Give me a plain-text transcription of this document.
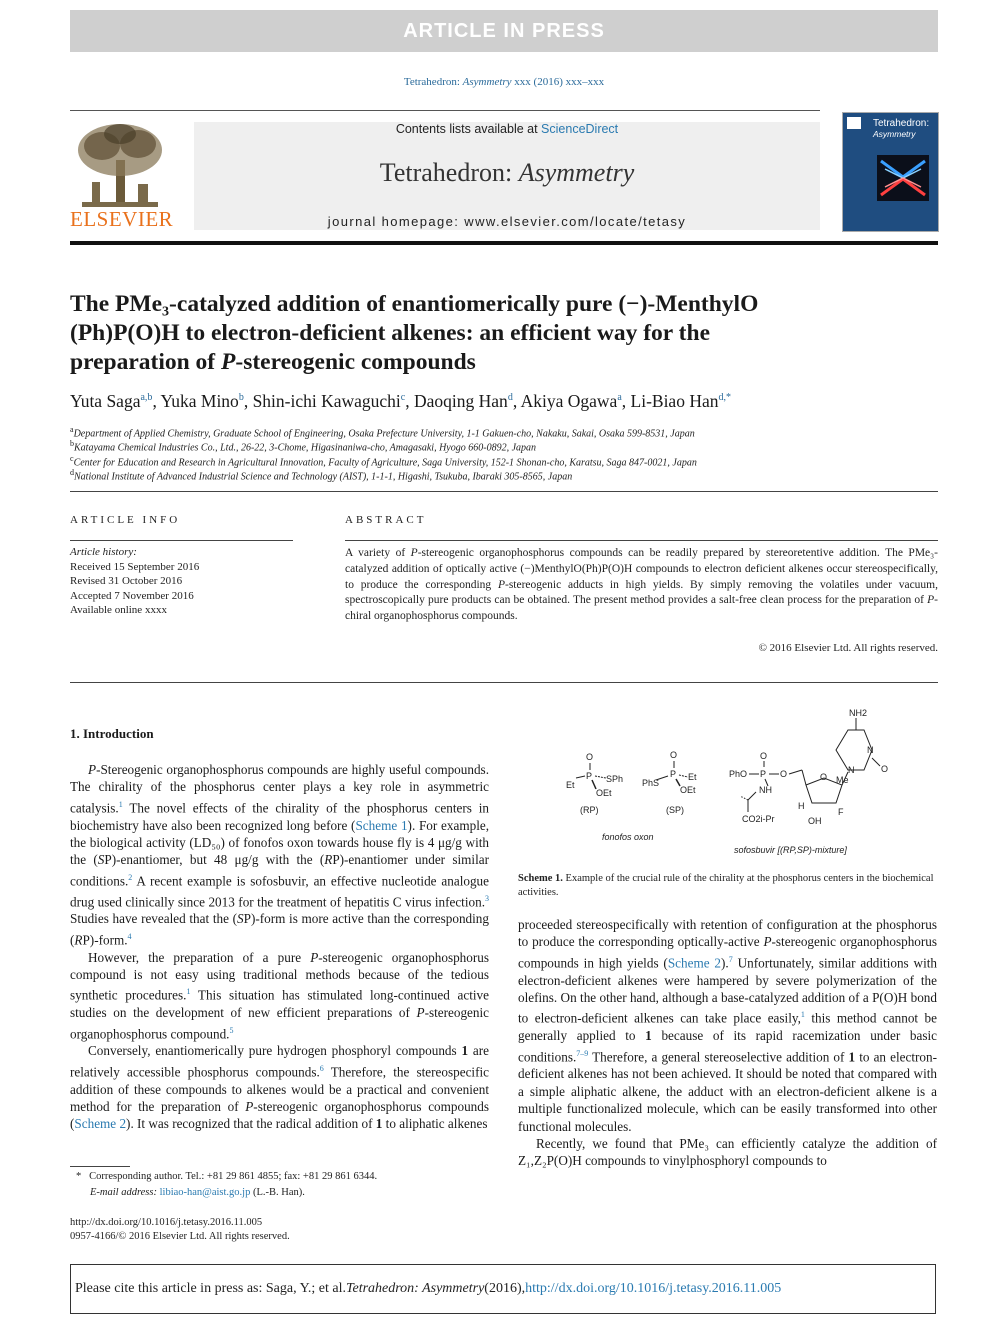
ARTICLE IN PRESS
Tetrahedron: Asymmetry xxx (2016) xxx–xxx
ELSEVIER
Contents lists available at ScienceDirect
Tetrahedron: Asymmetry
journal homepage: www.elsevier.com/locate/tetasy
Tetrahedron:
Asymmetry
The PMe₃-catalyzed addition of enantiomerically pure (−)-MenthylO
(Ph)P(O)H to electron-deficient alkenes: an efficient way for the
preparation of P-stereogenic compounds
Yuta Saga$^{a,b}$, Yuka Mino$^b$, Shin-ichi Kawaguchi$^c$, Daoqing Han$^d$, Akiya Ogawa$^a$, Li-Biao Han$^{d,*}$
$^a$Department of Applied Chemistry, Graduate School of Engineering, Osaka Prefecture University, 1-1 Gakuen-cho, Nakaku, Sakai, Osaka 599-8531, Japan
$^b$Katayama Chemical Industries Co., Ltd., 26-22, 3-Chome, Higasinaniwa-cho, Amagasaki, Hyogo 660-0892, Japan
$^c$Center for Education and Research in Agricultural Innovation, Faculty of Agriculture, Saga University, 152-1 Shonan-cho, Karatsu, Saga 847-0021, Japan
$^d$National Institute of Advanced Industrial Science and Technology (AIST), 1-1-1, Higashi, Tsukuba, Ibaraki 305-8565, Japan
ARTICLE INFO
Article history:
Received 15 September 2016
Revised 31 October 2016
Accepted 7 November 2016
Available online xxxx
ABSTRACT
A variety of P-stereogenic organophosphorus compounds can be readily prepared by stereoretentive addition. The PMe₃-catalyzed addition of optically active (−)MenthylO(Ph)P(O)H compounds to electron deficient alkenes occur stereospecifically, to produce the corresponding P-stereogenic adducts in high yields. By simply removing the volatiles under vacuum, spectroscopically pure products can be obtained. The present method provides a salt-free clean process for the preparation of P-chiral organophosphorus compounds.
© 2016 Elsevier Ltd. All rights reserved.
1. Introduction

P-Stereogenic organophosphorus compounds are highly useful compounds. The chirality of the phosphorus center plays a key role in asymmetric catalysis.$^1$ The novel effects of the chirality of the phosphorus centers in biochemistry have also been recognized long before (Scheme 1). For example, the biological activity (LD₅₀) of fonofos oxon towards house fly is 4 μg/g with the (SP)-enantiomer, but 48 μg/g with the (RP)-enantiomer under similar conditions.$^2$ A recent example is sofosbuvir, an effective nucleotide analogue drug used clinically since 2013 for the treatment of hepatitis C virus infection.$^3$ Studies have revealed that the (SP)-form is more active than the corresponding (RP)-form.$^4$

However, the preparation of a pure P-stereogenic organophosphorus compound is not easy using traditional methods because of the tedious synthetic procedures.$^1$ This situation has stimulated long-continued active studies on the development of new efficient preparations of P-stereogenic organophosphorus compound.$^5$

Conversely, enantiomerically pure hydrogen phosphoryl compounds 1 are relatively accessible phosphorus compounds.$^6$ Therefore, the stereospecific addition of these compounds to alkenes would be a practical and convenient method for the preparation of P-stereogenic organophosphorus compounds (Scheme 2). It was recognized that the radical addition of 1 to aliphatic alkenes

O
P
Et
SPh
OEt
(RP)
O
P
PhS
Et
OEt
(SP)
fonofos oxon
PhO
O
P O
NH
CO2i-Pr
O Me
H
OH
F
N
N
O
NH2
sofosbuvir [(RP,SP)-mixture]
Scheme 1. Example of the crucial rule of the chirality at the phosphorus centers in the biochemical activities.

proceeded stereospecifically with retention of configuration at the phosphorus to produce the corresponding optically-active P-stereogenic organophosphorus compounds in high yields (Scheme 2).$^7$ Unfortunately, similar additions with electron-deficient alkenes were hampered by severe polymerization of the olefins. On the other hand, although a base-catalyzed addition of a P(O)H bond to electron-deficient alkenes can take place easily,$^1$ this method cannot be generally applied to 1 because of its rapid racemization under basic conditions.$^{7-9}$ Therefore, a general stereoselective addition of 1 to an electron-deficient alkenes has not been achieved. It should be noted that compared with a simple aliphatic alkene, the adduct with an electron-deficient alkene is a multiple functionalized molecule, which can be easily transformed into other functional molecules.

Recently, we found that PMe₃ can efficiently catalyze the addition of Z₁,Z₂P(O)H compounds to vinylphosphoryl compounds to

* Corresponding author. Tel.: +81 29 861 4855; fax: +81 29 861 6344.
E-mail address: libiao-han@aist.go.jp (L.-B. Han).
http://dx.doi.org/10.1016/j.tetasy.2016.11.005
0957-4166/© 2016 Elsevier Ltd. All rights reserved.
Please cite this article in press as: Saga, Y.; et al. Tetrahedron: Asymmetry (2016), http://dx.doi.org/10.1016/j.tetasy.2016.11.005
